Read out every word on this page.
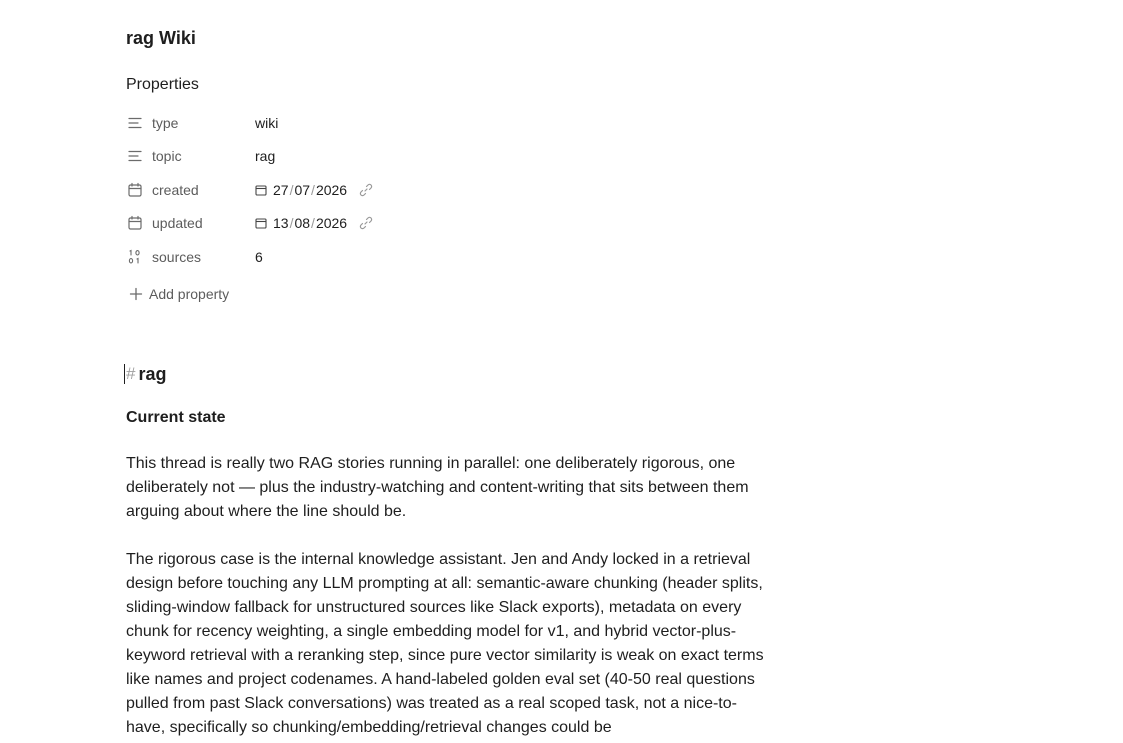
rag Wiki
Properties
type	wiki
topic	rag
created	27 / 07 / 2026
updated	13 / 08 / 2026
sources	6
Add property
# rag
Current state

This thread is really two RAG stories running in parallel: one deliberately rigorous, one deliberately not — plus the industry-watching and content-writing that sits between them arguing about where the line should be.

The rigorous case is the internal knowledge assistant. Jen and Andy locked in a retrieval design before touching any LLM prompting at all: semantic-aware chunking (header splits, sliding-window fallback for unstructured sources like Slack exports), metadata on every chunk for recency weighting, a single embedding model for v1, and hybrid vector-plus-keyword retrieval with a reranking step, since pure vector similarity is weak on exact terms like names and project codenames. A hand-labeled golden eval set (40-50 real questions pulled from past Slack conversations) was treated as a real scoped task, not a nice-to-have, specifically so chunking/embedding/retrieval changes could be
